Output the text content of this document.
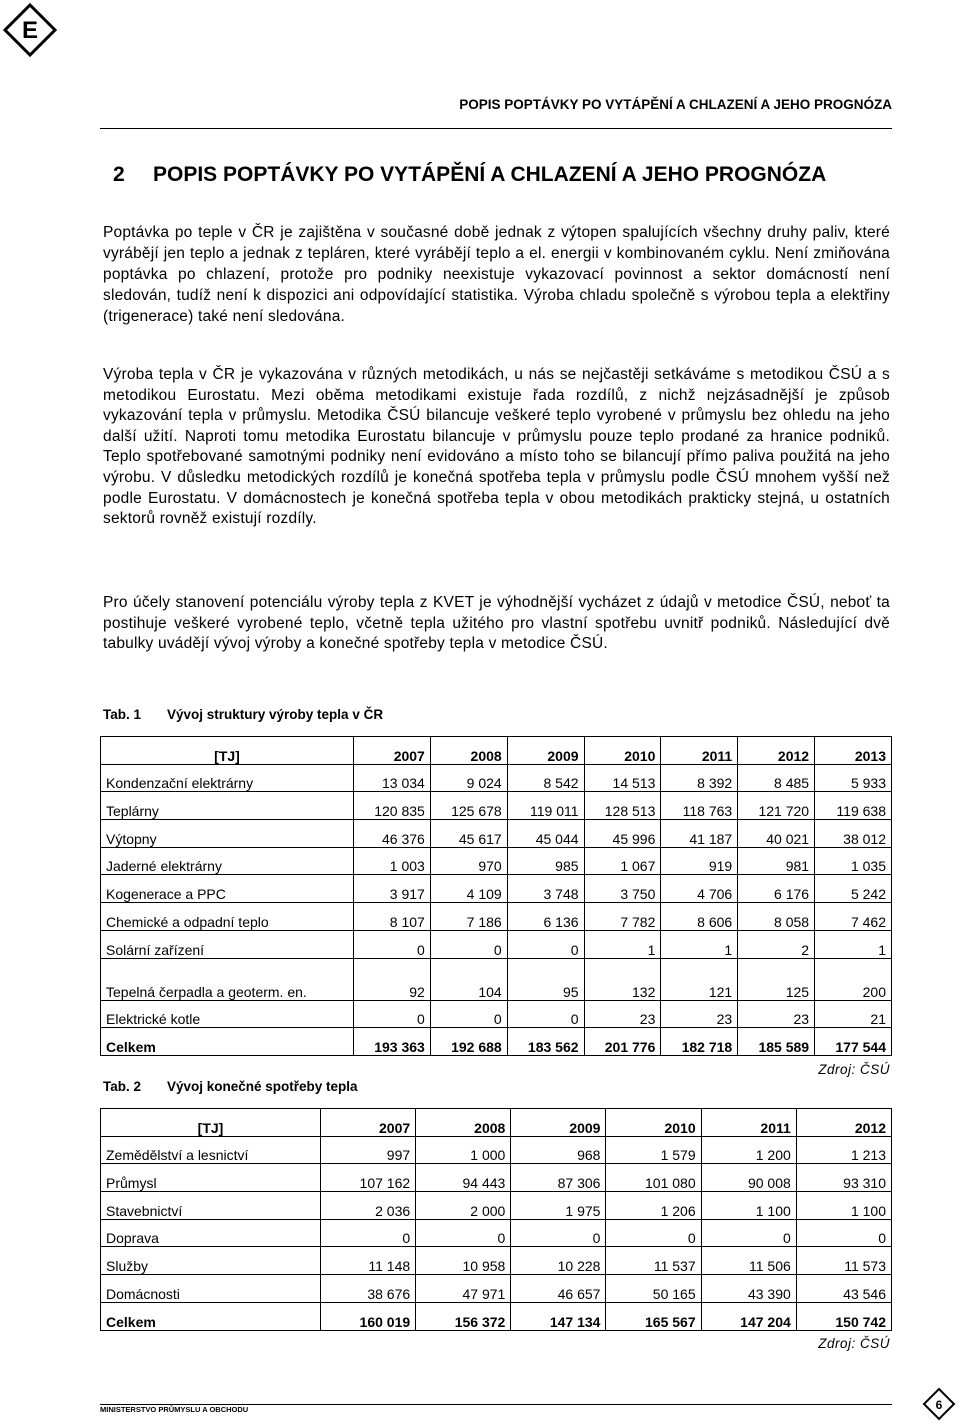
E
POPIS POPTÁVKY PO VYTÁPĚNÍ A CHLAZENÍ A JEHO PROGNÓZA
2 POPIS POPTÁVKY PO VYTÁPĚNÍ A CHLAZENÍ A JEHO PROGNÓZA

Poptávka po teple v ČR je zajištěna v současné době jednak z výtopen spalujících všechny druhy paliv, které vyrábějí jen teplo a jednak z tepláren, které vyrábějí teplo a el. energii v kombinovaném cyklu. Není zmiňována poptávka po chlazení, protože pro podniky neexistuje vykazovací povinnost a sektor domácností není sledován, tudíž není k dispozici ani odpovídající statistika. Výroba chladu společně s výrobou tepla a elektřiny (trigenerace) také není sledována.

Výroba tepla v ČR je vykazována v různých metodikách, u nás se nejčastěji setkáváme s metodikou ČSÚ a s metodikou Eurostatu. Mezi oběma metodikami existuje řada rozdílů, z nichž nejzásadnější je způsob vykazování tepla v průmyslu. Metodika ČSÚ bilancuje veškeré teplo vyrobené v průmyslu bez ohledu na jeho další užití. Naproti tomu metodika Eurostatu bilancuje v průmyslu pouze teplo prodané za hranice podniků. Teplo spotřebované samotnými podniky není evidováno a místo toho se bilancují přímo paliva použitá na jeho výrobu. V důsledku metodických rozdílů je konečná spotřeba tepla v průmyslu podle ČSÚ mnohem vyšší než podle Eurostatu. V domácnostech je konečná spotřeba tepla v obou metodikách prakticky stejná, u ostatních sektorů rovněž existují rozdíly.

Pro účely stanovení potenciálu výroby tepla z KVET je výhodnější vycházet z údajů v metodice ČSÚ, neboť ta postihuje veškeré vyrobené teplo, včetně tepla užitého pro vlastní spotřebu uvnitř podniků. Následující dvě tabulky uvádějí vývoj výroby a konečné spotřeby tepla v metodice ČSÚ.

Tab. 1 Vývoj struktury výroby tepla v ČR
[TJ]	2007	2008	2009	2010	2011	2012	2013
Kondenzační elektrárny	13 034	9 024	8 542	14 513	8 392	8 485	5 933
Teplárny	120 835	125 678	119 011	128 513	118 763	121 720	119 638
Výtopny	46 376	45 617	45 044	45 996	41 187	40 021	38 012
Jaderné elektrárny	1 003	970	985	1 067	919	981	1 035
Kogenerace a PPC	3 917	4 109	3 748	3 750	4 706	6 176	5 242
Chemické a odpadní teplo	8 107	7 186	6 136	7 782	8 606	8 058	7 462
Solární zařízení	0	0	0	1	1	2	1
Tepelná čerpadla a geoterm. en.	92	104	95	132	121	125	200
Elektrické kotle	0	0	0	23	23	23	21
Celkem	193 363	192 688	183 562	201 776	182 718	185 589	177 544
Zdroj: ČSÚ
Tab. 2 Vývoj konečné spotřeby tepla
[TJ]	2007	2008	2009	2010	2011	2012
Zemědělství a lesnictví	997	1 000	968	1 579	1 200	1 213
Průmysl	107 162	94 443	87 306	101 080	90 008	93 310
Stavebnictví	2 036	2 000	1 975	1 206	1 100	1 100
Doprava	0	0	0	0	0	0
Služby	11 148	10 958	10 228	11 537	11 506	11 573
Domácnosti	38 676	47 971	46 657	50 165	43 390	43 546
Celkem	160 019	156 372	147 134	165 567	147 204	150 742
Zdroj: ČSÚ
MINISTERSTVO PRŮMYSLU A OBCHODU	6
